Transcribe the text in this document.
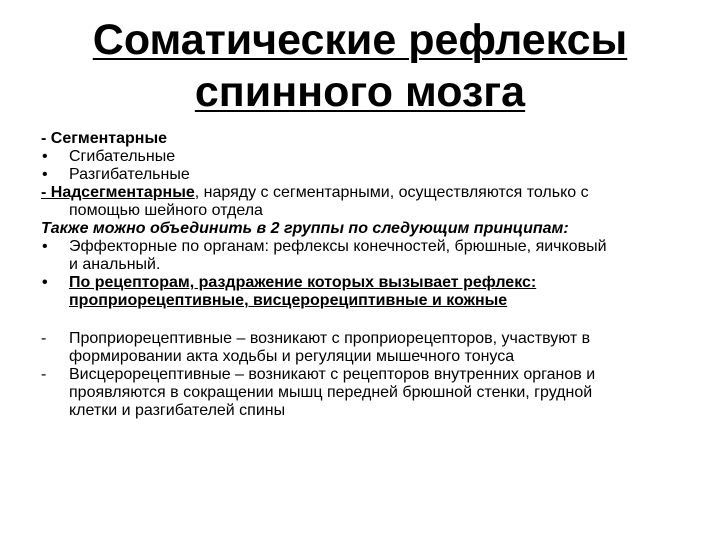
Соматические рефлексы
спинного мозга

- Сегментарные

• Сгибательные

• Разгибательные

- Надсегментарные, наряду с сегментарными, осуществляются только с

помощью шейного отдела

Также можно объединить в 2 группы по следующим принципам:

• Эффекторные по органам: рефлексы конечностей, брюшные, яичковый
и анальный.

• По рецепторам, раздражение которых вызывает рефлекс:
проприорецептивные, висцерорециптивные и кожные

- Проприорецептивные – возникают с проприорецепторов, участвуют в
формировании акта ходьбы и регуляции мышечного тонуса

- Висцерорецептивные – возникают с рецепторов внутренних органов и
проявляются в сокращении мышц передней брюшной стенки, грудной
клетки и разгибателей спины
